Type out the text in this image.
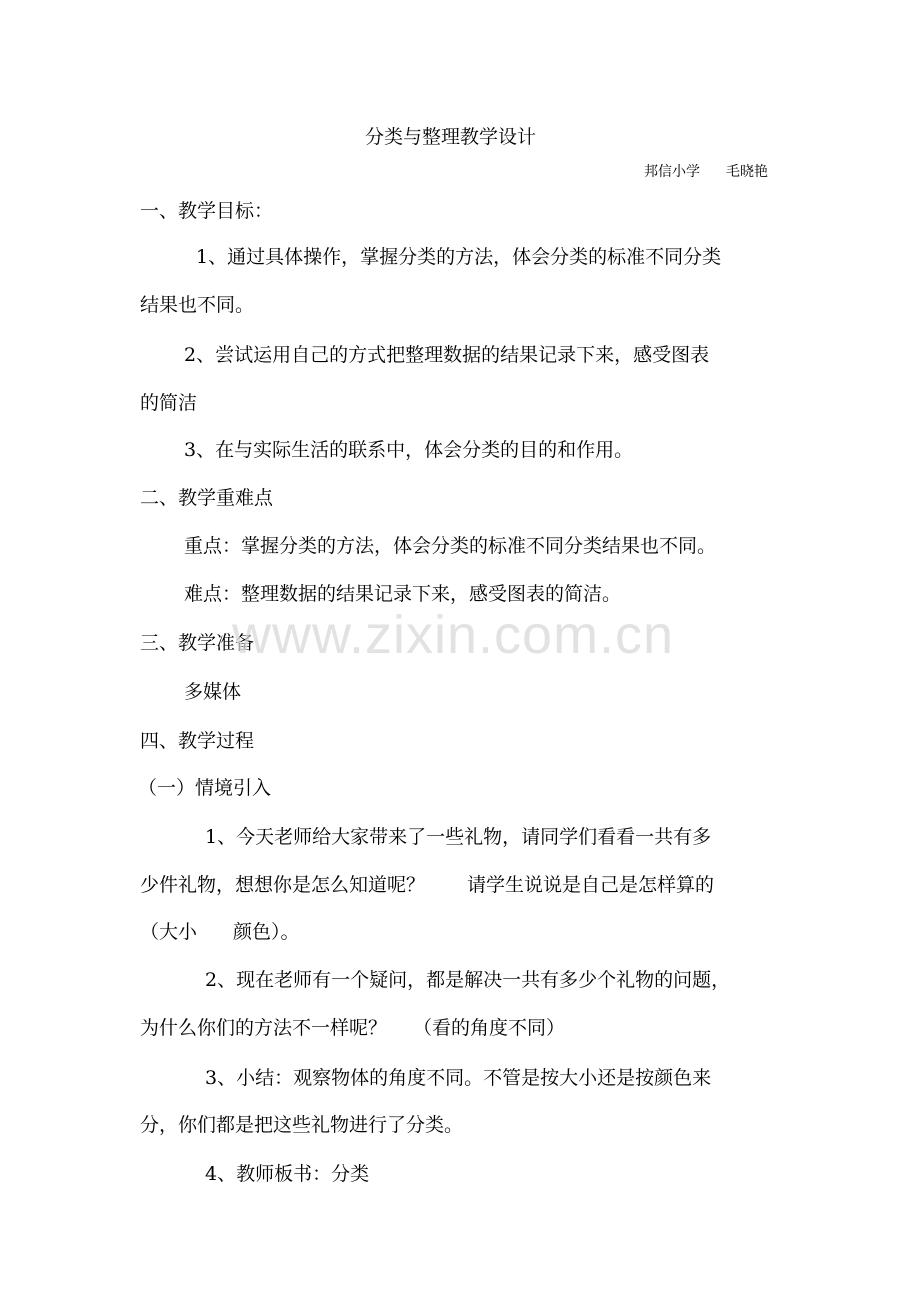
分类与整理教学设计
邦信小学 毛晓艳
一、教学目标：
1、通过具体操作，掌握分类的方法，体会分类的标准不同分类
结果也不同。
2、尝试运用自己的方式把整理数据的结果记录下来，感受图表
的简洁
3、在与实际生活的联系中，体会分类的目的和作用。
二、教学重难点
重点：掌握分类的方法，体会分类的标准不同分类结果也不同。
难点：整理数据的结果记录下来，感受图表的简洁。
三、教学准备
多媒体
四、教学过程
（一）情境引入
1、今天老师给大家带来了一些礼物，请同学们看看一共有多
少件礼物，想想你是怎么知道呢？ 请学生说说是自己是怎样算的
（大小 颜色）。
2、现在老师有一个疑问，都是解决一共有多少个礼物的问题，
为什么你们的方法不一样呢？ （看的角度不同）
3、小结：观察物体的角度不同。不管是按大小还是按颜色来
分，你们都是把这些礼物进行了分类。
4、教师板书：分类
www.zixin.com.cn
